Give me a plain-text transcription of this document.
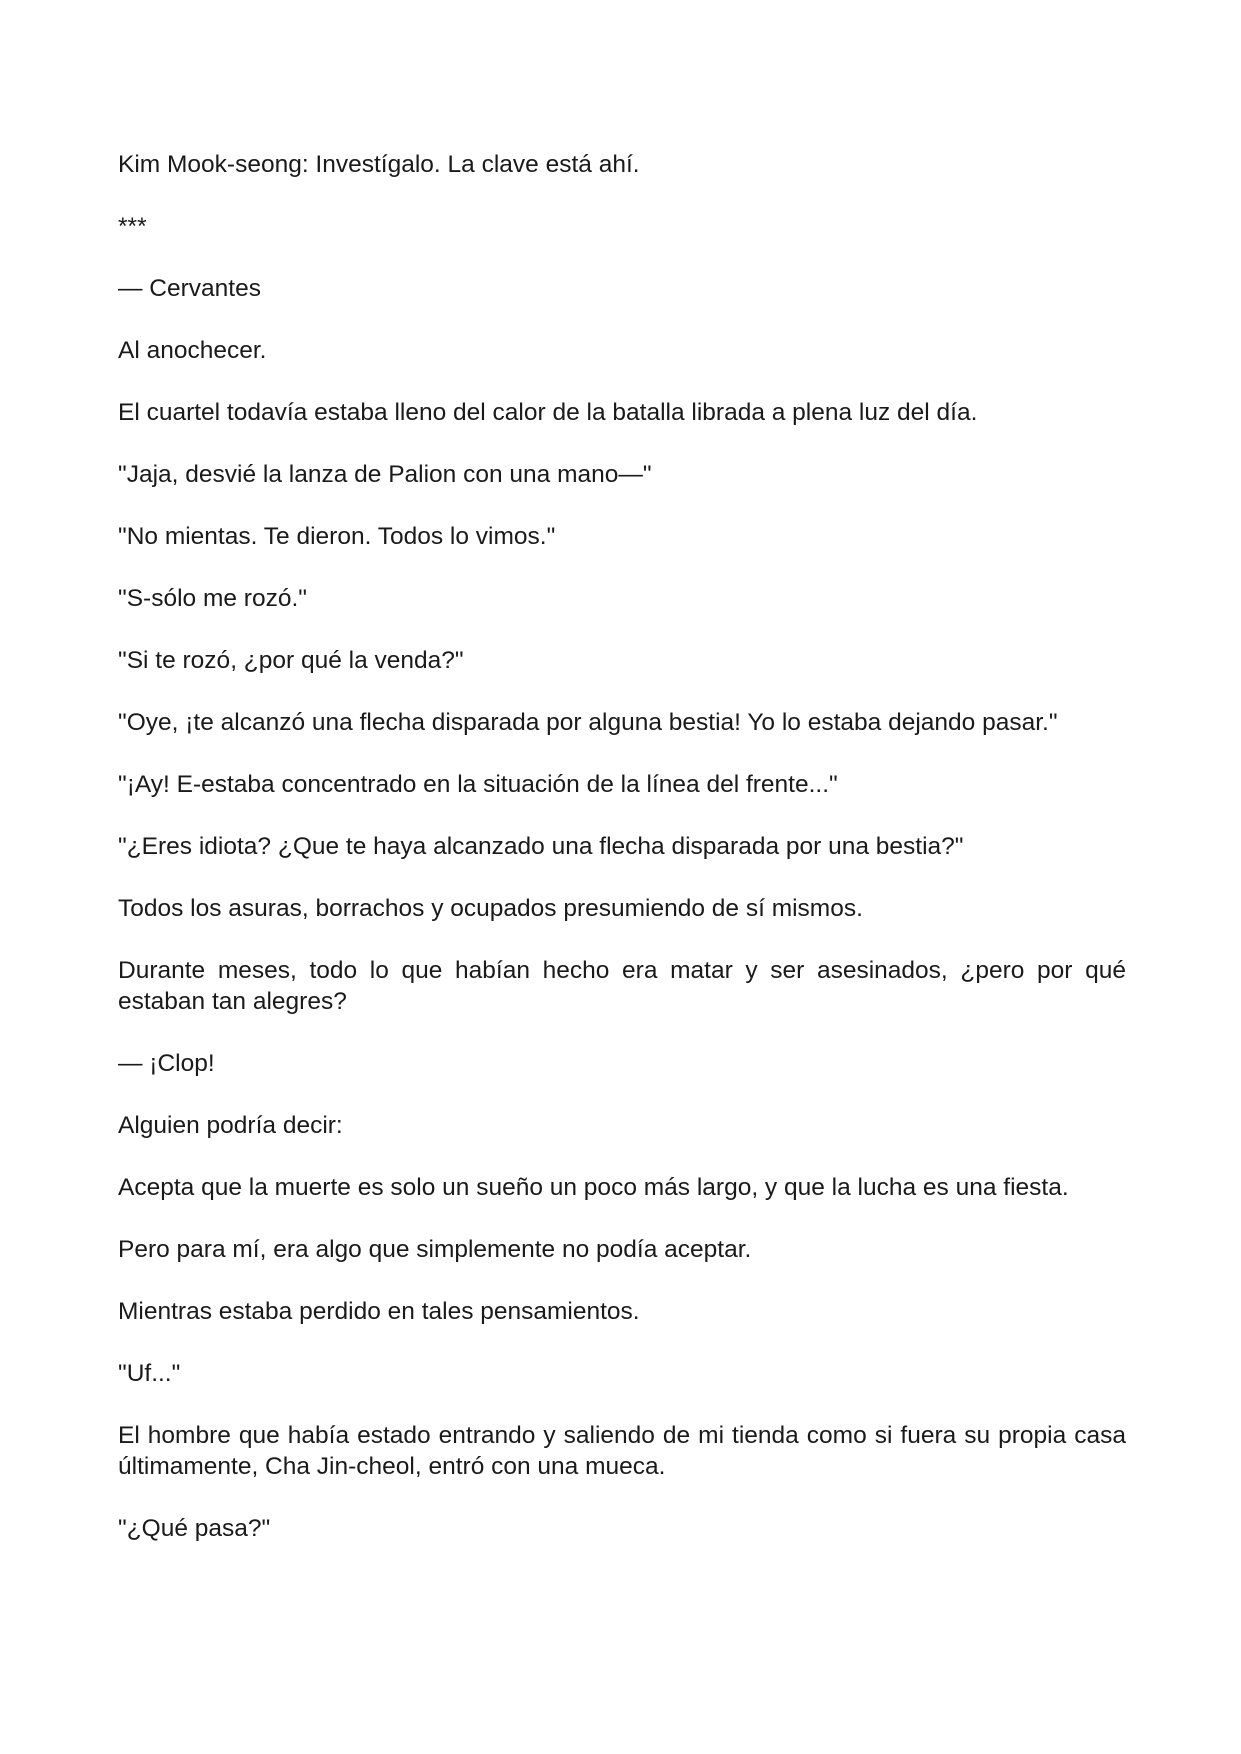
Kim Mook-seong: Investígalo. La clave está ahí.

***

— Cervantes

Al anochecer.

El cuartel todavía estaba lleno del calor de la batalla librada a plena luz del día.

"Jaja, desvié la lanza de Palion con una mano—"

"No mientas. Te dieron. Todos lo vimos."

"S-sólo me rozó."

"Si te rozó, ¿por qué la venda?"

"Oye, ¡te alcanzó una flecha disparada por alguna bestia! Yo lo estaba dejando pasar."

"¡Ay! E-estaba concentrado en la situación de la línea del frente..."

"¿Eres idiota? ¿Que te haya alcanzado una flecha disparada por una bestia?"

Todos los asuras, borrachos y ocupados presumiendo de sí mismos.

Durante meses, todo lo que habían hecho era matar y ser asesinados, ¿pero por qué estaban tan alegres?

— ¡Clop!

Alguien podría decir:

Acepta que la muerte es solo un sueño un poco más largo, y que la lucha es una fiesta.

Pero para mí, era algo que simplemente no podía aceptar.

Mientras estaba perdido en tales pensamientos.

"Uf..."

El hombre que había estado entrando y saliendo de mi tienda como si fuera su propia casa últimamente, Cha Jin-cheol, entró con una mueca.

"¿Qué pasa?"
